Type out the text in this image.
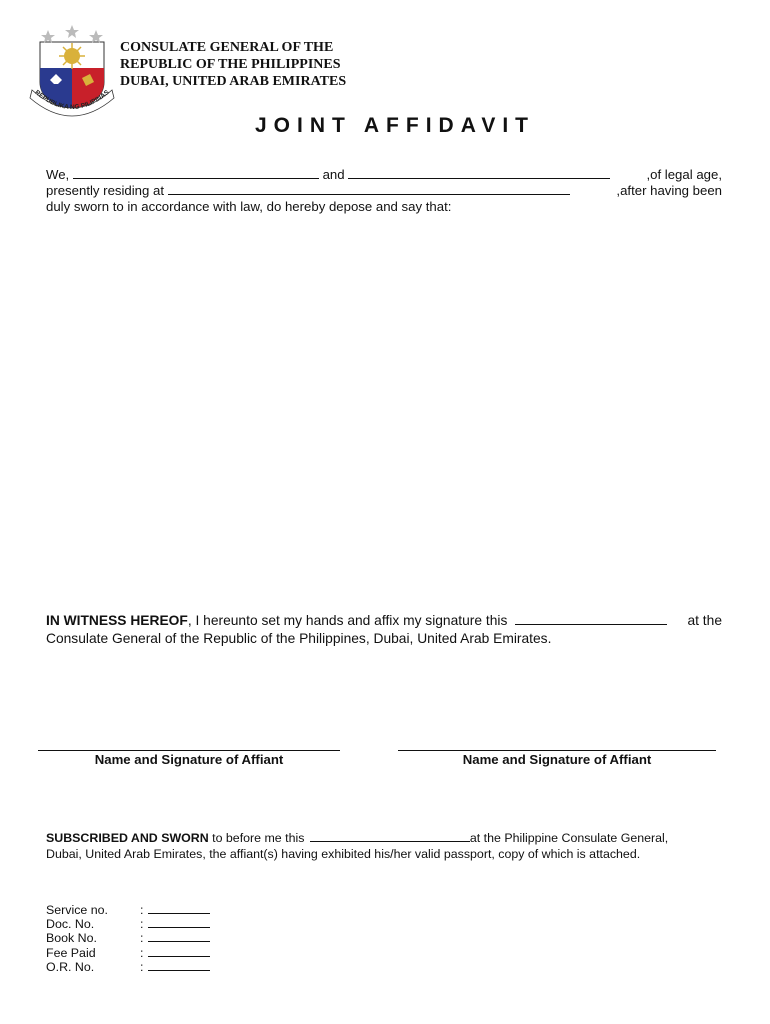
REPUBLIKA NG PILIPINAS
CONSULATE GENERAL OF THE
REPUBLIC OF THE PHILIPPINES
DUBAI, UNITED ARAB EMIRATES
JOINT AFFIDAVIT
We,	and	,of legal age,
presently residing at	,after having been
duly sworn to in accordance with law, do hereby depose and say that:
IN WITNESS HEREOF, I hereunto set my hands and affix my signature this	at the
Consulate General of the Republic of the Philippines, Dubai, United Arab Emirates.
Name and Signature of Affiant	Name and Signature of Affiant
SUBSCRIBED AND SWORN to before me this	at the Philippine Consulate General,
Dubai, United Arab Emirates, the affiant(s) having exhibited his/her valid passport, copy of which is attached.
Service no.	:
Doc. No.	:
Book No.	:
Fee Paid	:
O.R. No.	:
